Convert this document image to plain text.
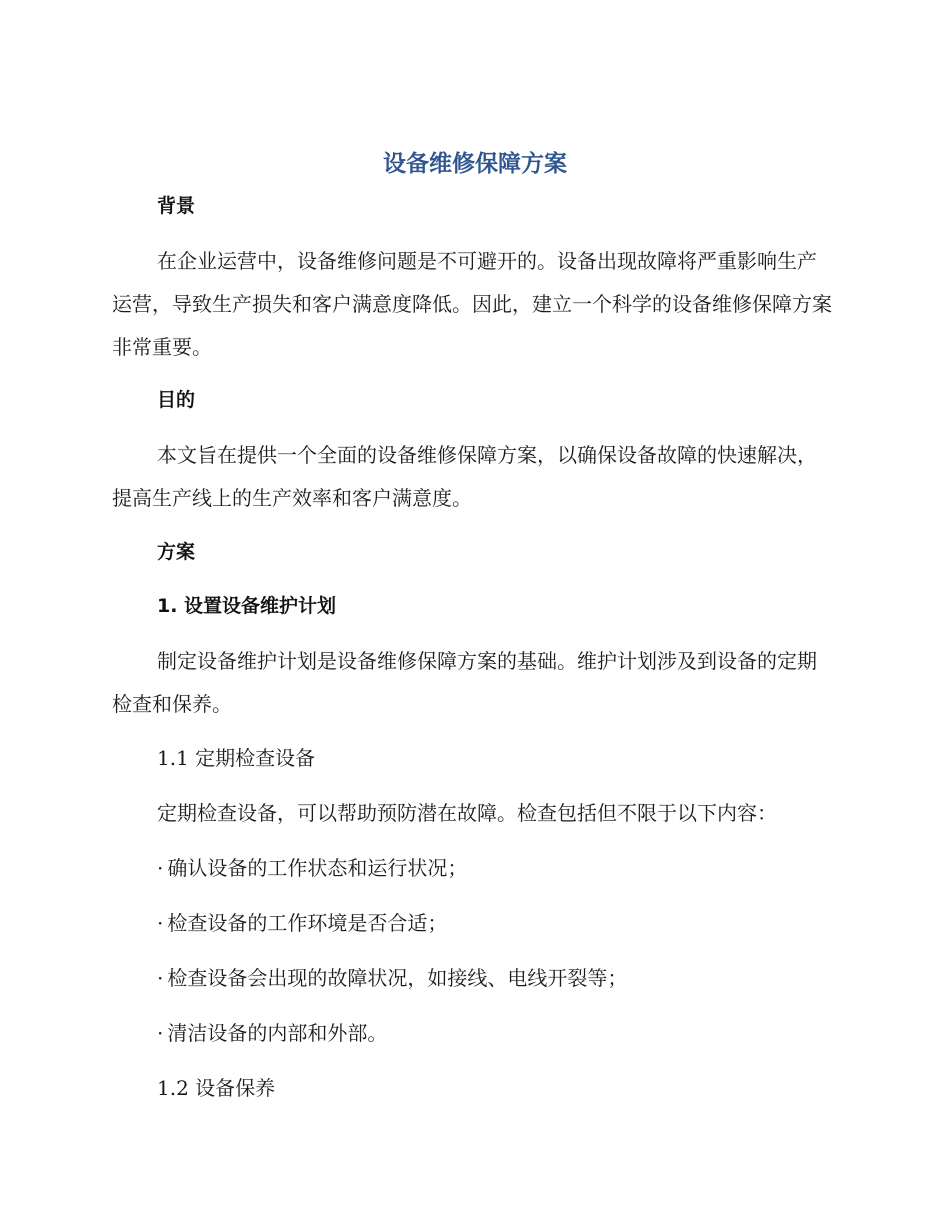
设备维修保障方案
背景

在企业运营中，设备维修问题是不可避开的。设备出现故障将严重影响生产运营，导致生产损失和客户满意度降低。因此，建立一个科学的设备维修保障方案非常重要。

目的

本文旨在提供一个全面的设备维修保障方案，以确保设备故障的快速解决，提高生产线上的生产效率和客户满意度。

方案
1. 设置设备维护计划

制定设备维护计划是设备维修保障方案的基础。维护计划涉及到设备的定期检查和保养。

1.1 定期检查设备
定期检查设备，可以帮助预防潜在故障。检查包括但不限于以下内容：
· 确认设备的工作状态和运行状况；
· 检查设备的工作环境是否合适；
· 检查设备会出现的故障状况，如接线、电线开裂等；
· 清洁设备的内部和外部。
1.2 设备保养
